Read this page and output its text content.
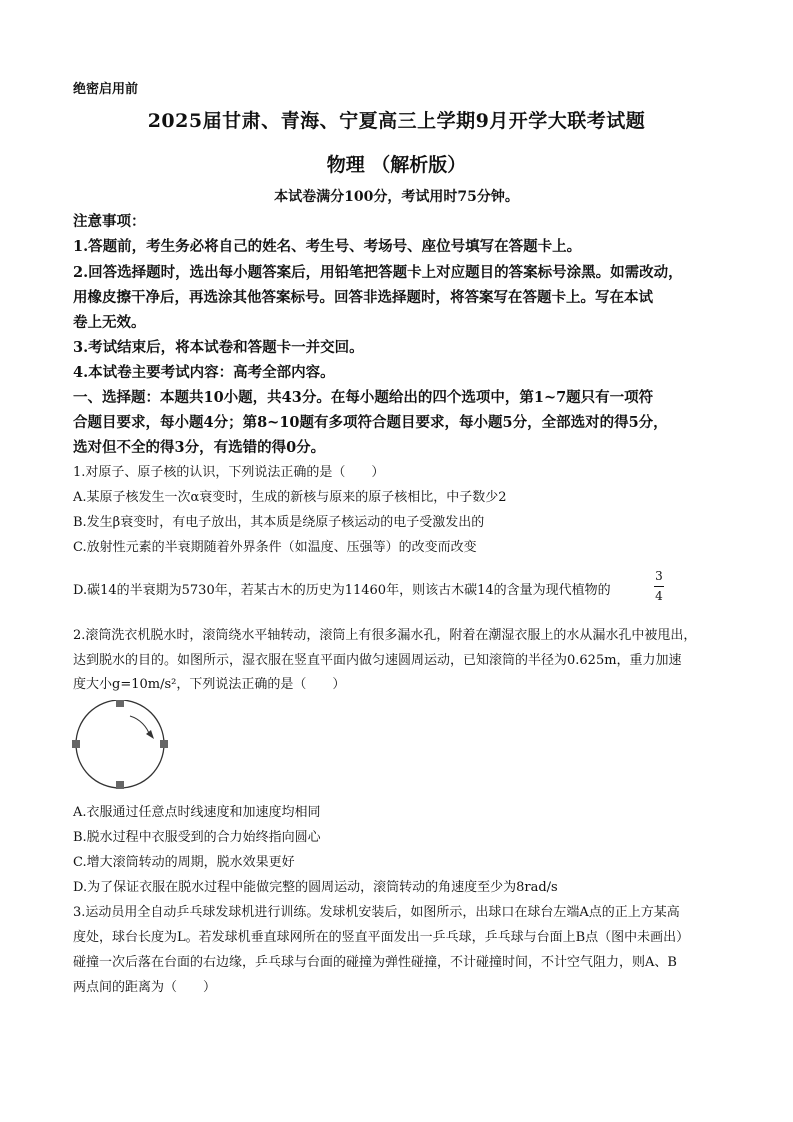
绝密启用前
2025届甘肃、青海、宁夏高三上学期9月开学大联考试题
物理 （解析版）
本试卷满分100分，考试用时75分钟。
注意事项：
1.答题前，考生务必将自己的姓名、考生号、考场号、座位号填写在答题卡上。
2.回答选择题时，选出每小题答案后，用铅笔把答题卡上对应题目的答案标号涂黑。如需改动，
用橡皮擦干净后，再选涂其他答案标号。回答非选择题时，将答案写在答题卡上。写在本试
卷上无效。
3.考试结束后，将本试卷和答题卡一并交回。
4.本试卷主要考试内容：高考全部内容。
一、选择题：本题共10小题，共43分。在每小题给出的四个选项中，第1~7题只有一项符
合题目要求，每小题4分；第8~10题有多项符合题目要求，每小题5分，全部选对的得5分，
选对但不全的得3分，有选错的得0分。
1.对原子、原子核的认识，下列说法正确的是（　　）
A.某原子核发生一次α衰变时，生成的新核与原来的原子核相比，中子数少2
B.发生β衰变时，有电子放出，其本质是绕原子核运动的电子受激发出的
C.放射性元素的半衰期随着外界条件（如温度、压强等）的改变而改变
D.碳14的半衰期为5730年，若某古木的历史为11460年，则该古木碳14的含量为现代植物的
3
4
2.滚筒洗衣机脱水时，滚筒绕水平轴转动，滚筒上有很多漏水孔，附着在潮湿衣服上的水从漏水孔中被甩出，
达到脱水的目的。如图所示，湿衣服在竖直平面内做匀速圆周运动，已知滚筒的半径为0.625m，重力加速
度大小g=10m/s²，下列说法正确的是（　　）
A.衣服通过任意点时线速度和加速度均相同
B.脱水过程中衣服受到的合力始终指向圆心
C.增大滚筒转动的周期，脱水效果更好
D.为了保证衣服在脱水过程中能做完整的圆周运动，滚筒转动的角速度至少为8rad/s
3.运动员用全自动乒乓球发球机进行训练。发球机安装后，如图所示，出球口在球台左端A点的正上方某高
度处，球台长度为L。若发球机垂直球网所在的竖直平面发出一乒乓球，乒乓球与台面上B点（图中未画出）
碰撞一次后落在台面的右边缘，乒乓球与台面的碰撞为弹性碰撞，不计碰撞时间，不计空气阻力，则A、B
两点间的距离为（　　）
